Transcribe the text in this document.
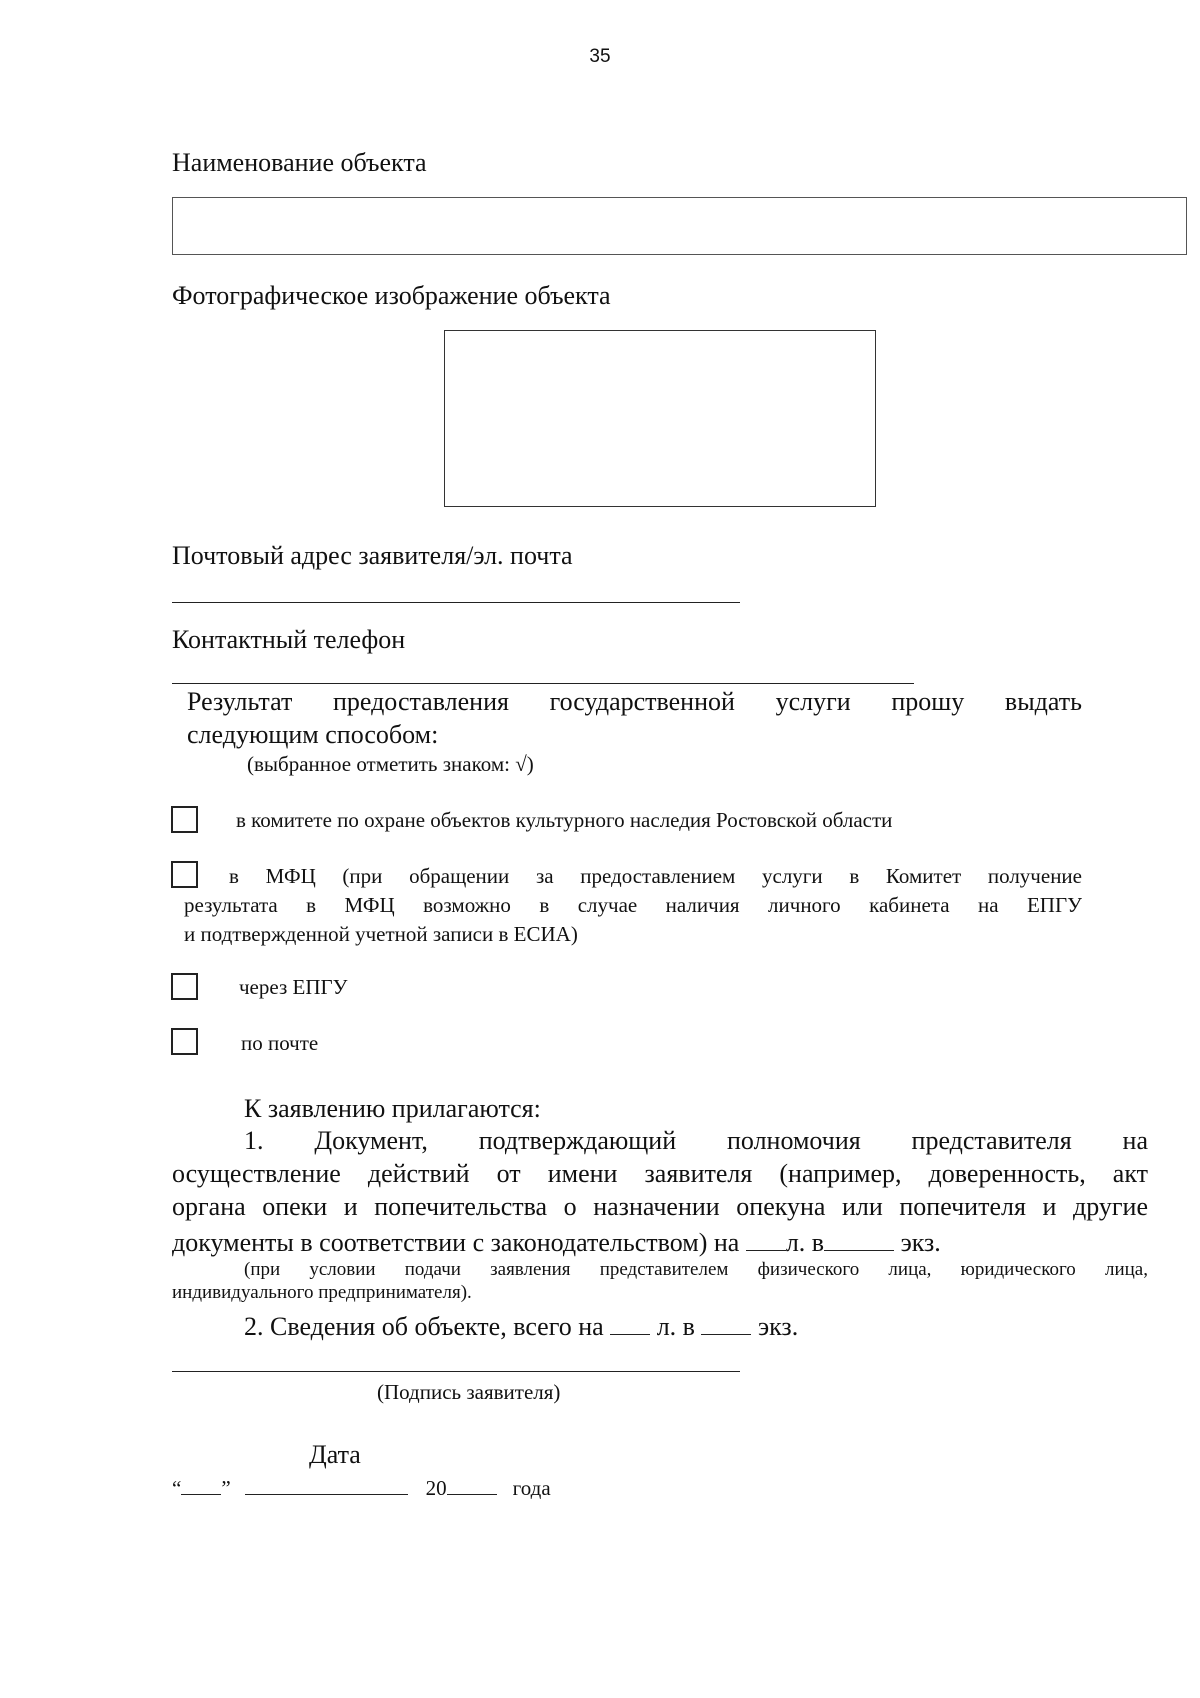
35
Наименование объекта
Фотографическое изображение объекта
Почтовый адрес заявителя/эл. почта
Контактный телефон
Результат предоставления государственной услуги прошу выдать
следующим способом:
(выбранное отметить знаком: √)
в комитете по охране объектов культурного наследия Ростовской области
в МФЦ (при обращении за предоставлением услуги в Комитет получение
результата в МФЦ возможно в случае наличия личного кабинета на ЕПГУ
и подтвержденной учетной записи в ЕСИА)
через ЕПГУ
по почте
К заявлению прилагаются:
1.    Документ,    подтверждающий    полномочия    представителя    на
осуществление действий от имени заявителя (например, доверенность, акт
органа опеки и попечительства о назначении опекуна или попечителя и другие
документы в соответствии с законодательством) на л. в	экз.
(при условии подачи заявления представителем физического лица, юридического лица,
индивидуального предпринимателя).
2. Сведения об объекте, всего на  л. в  экз.
(Подпись заявителя)
Дата
“ ”	20	года
